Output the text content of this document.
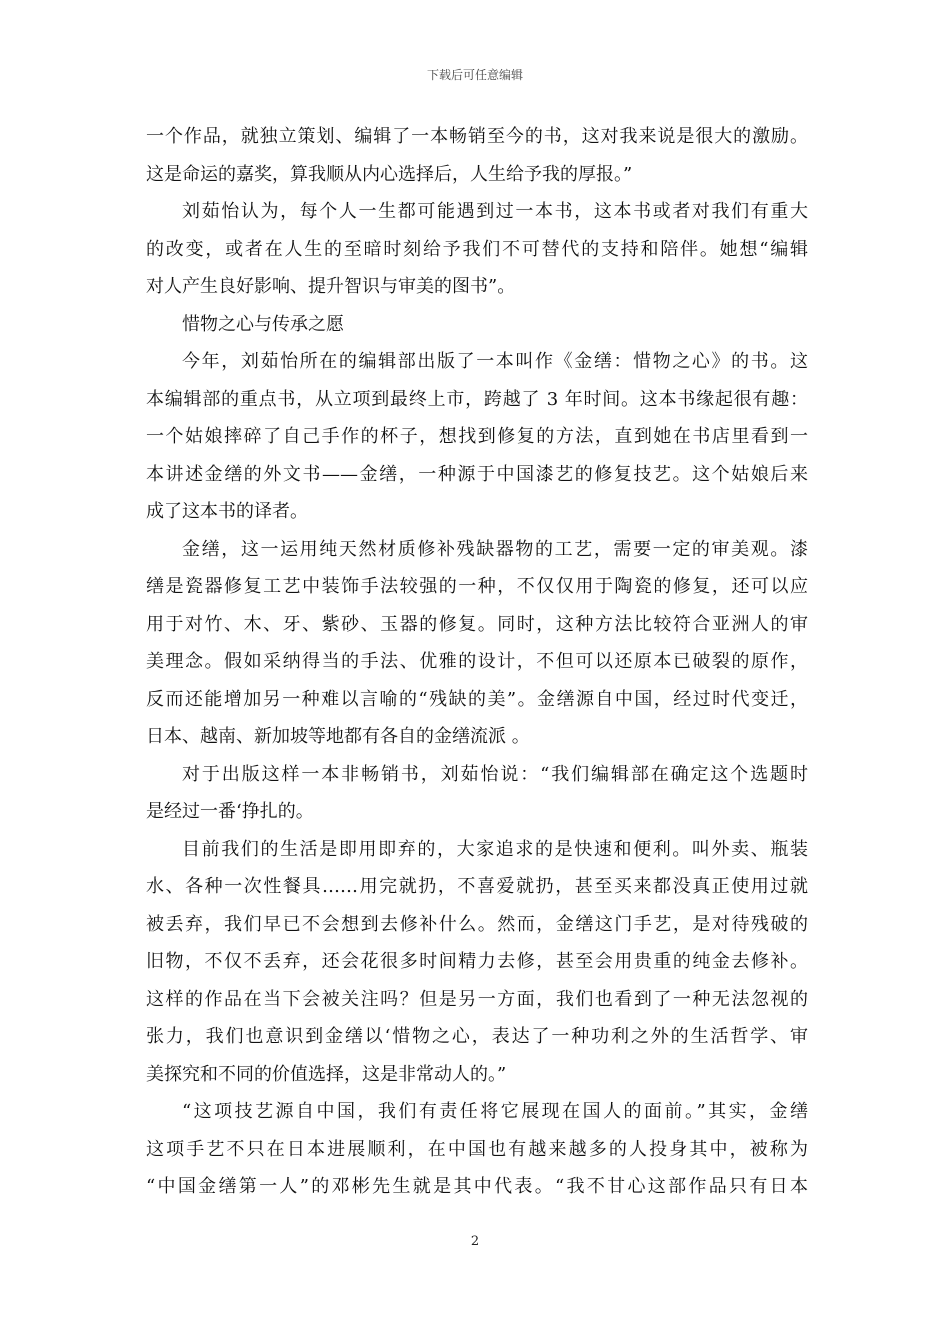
下载后可任意编辑
一个作品，就独立策划、编辑了一本畅销至今的书，这对我来说是很大的激励。
这是命运的嘉奖，算我顺从内心选择后，人生给予我的厚报。”
刘茹怡认为，每个人一生都可能遇到过一本书，这本书或者对我们有重大
的改变，或者在人生的至暗时刻给予我们不可替代的支持和陪伴。她想“编辑
对人产生良好影响、提升智识与审美的图书”。
惜物之心与传承之愿
今年，刘茹怡所在的编辑部出版了一本叫作《金缮：惜物之心》的书。这
本编辑部的重点书，从立项到最终上市，跨越了 3 年时间。这本书缘起很有趣：
一个姑娘摔碎了自己手作的杯子，想找到修复的方法，直到她在书店里看到一
本讲述金缮的外文书——金缮，一种源于中国漆艺的修复技艺。这个姑娘后来
成了这本书的译者。
金缮，这一运用纯天然材质修补残缺器物的工艺，需要一定的审美观。漆
缮是瓷器修复工艺中装饰手法较强的一种，不仅仅用于陶瓷的修复，还可以应
用于对竹、木、牙、紫砂、玉器的修复。同时，这种方法比较符合亚洲人的审
美理念。假如采纳得当的手法、优雅的设计，不但可以还原本已破裂的原作，
反而还能增加另一种难以言喻的“残缺的美”。金缮源自中国，经过时代变迁，
日本、越南、新加坡等地都有各自的金缮流派 。
对于出版这样一本非畅销书，刘茹怡说：“我们编辑部在确定这个选题时
是经过一番‘挣扎的。
目前我们的生活是即用即弃的，大家追求的是快速和便利。叫外卖、瓶装
水、各种一次性餐具……用完就扔，不喜爱就扔，甚至买来都没真正使用过就
被丢弃，我们早已不会想到去修补什么。然而，金缮这门手艺，是对待残破的
旧物，不仅不丢弃，还会花很多时间精力去修，甚至会用贵重的纯金去修补。
这样的作品在当下会被关注吗？但是另一方面，我们也看到了一种无法忽视的
张力，我们也意识到金缮以‘惜物之心，表达了一种功利之外的生活哲学、审
美探究和不同的价值选择，这是非常动人的。”
“这项技艺源自中国，我们有责任将它展现在国人的面前。”其实，金缮
这项手艺不只在日本进展顺利，在中国也有越来越多的人投身其中，被称为
“中国金缮第一人”的邓彬先生就是其中代表。“我不甘心这部作品只有日本
2
